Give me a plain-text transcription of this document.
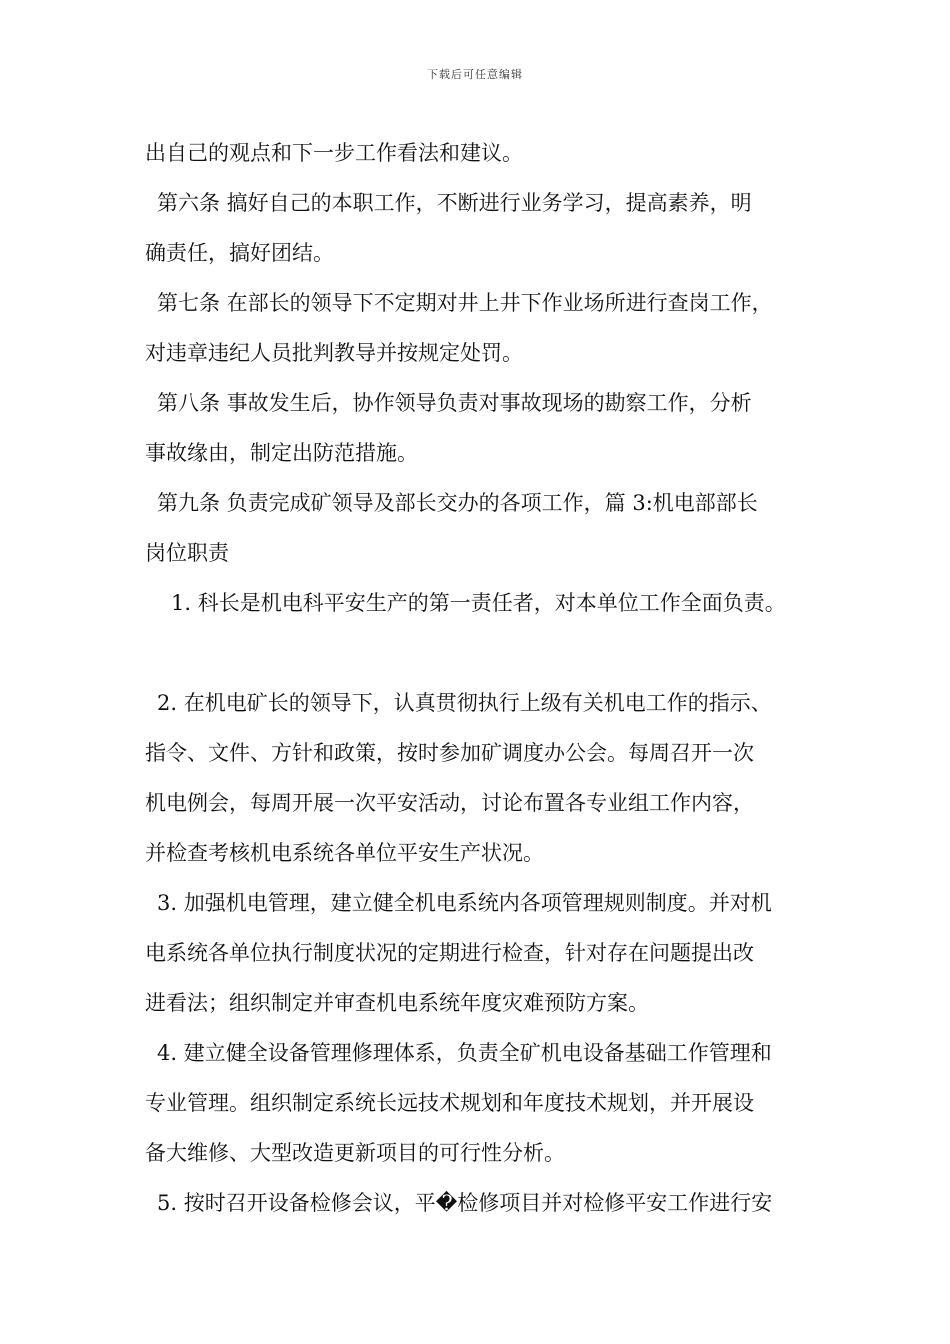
下载后可任意编辑
出自己的观点和下一步工作看法和建议。
第六条 搞好自己的本职工作，不断进行业务学习，提高素养，明
确责任，搞好团结。
第七条 在部长的领导下不定期对井上井下作业场所进行查岗工作，
对违章违纪人员批判教导并按规定处罚。
第八条 事故发生后，协作领导负责对事故现场的勘察工作，分析
事故缘由，制定出防范措施。
第九条 负责完成矿领导及部长交办的各项工作，篇 3:机电部部长
岗位职责
1. 科长是机电科平安生产的第一责任者，对本单位工作全面负责。
2. 在机电矿长的领导下，认真贯彻执行上级有关机电工作的指示、
指令、文件、方针和政策，按时参加矿调度办公会。每周召开一次
机电例会，每周开展一次平安活动，讨论布置各专业组工作内容，
并检查考核机电系统各单位平安生产状况。
3. 加强机电管理，建立健全机电系统内各项管理规则制度。并对机
电系统各单位执行制度状况的定期进行检查，针对存在问题提出改
进看法；组织制定并审查机电系统年度灾难预防方案。
4. 建立健全设备管理修理体系，负责全矿机电设备基础工作管理和
专业管理。组织制定系统长远技术规划和年度技术规划，并开展设
备大维修、大型改造更新项目的可行性分析。
5. 按时召开设备检修会议，平�检修项目并对检修平安工作进行安
